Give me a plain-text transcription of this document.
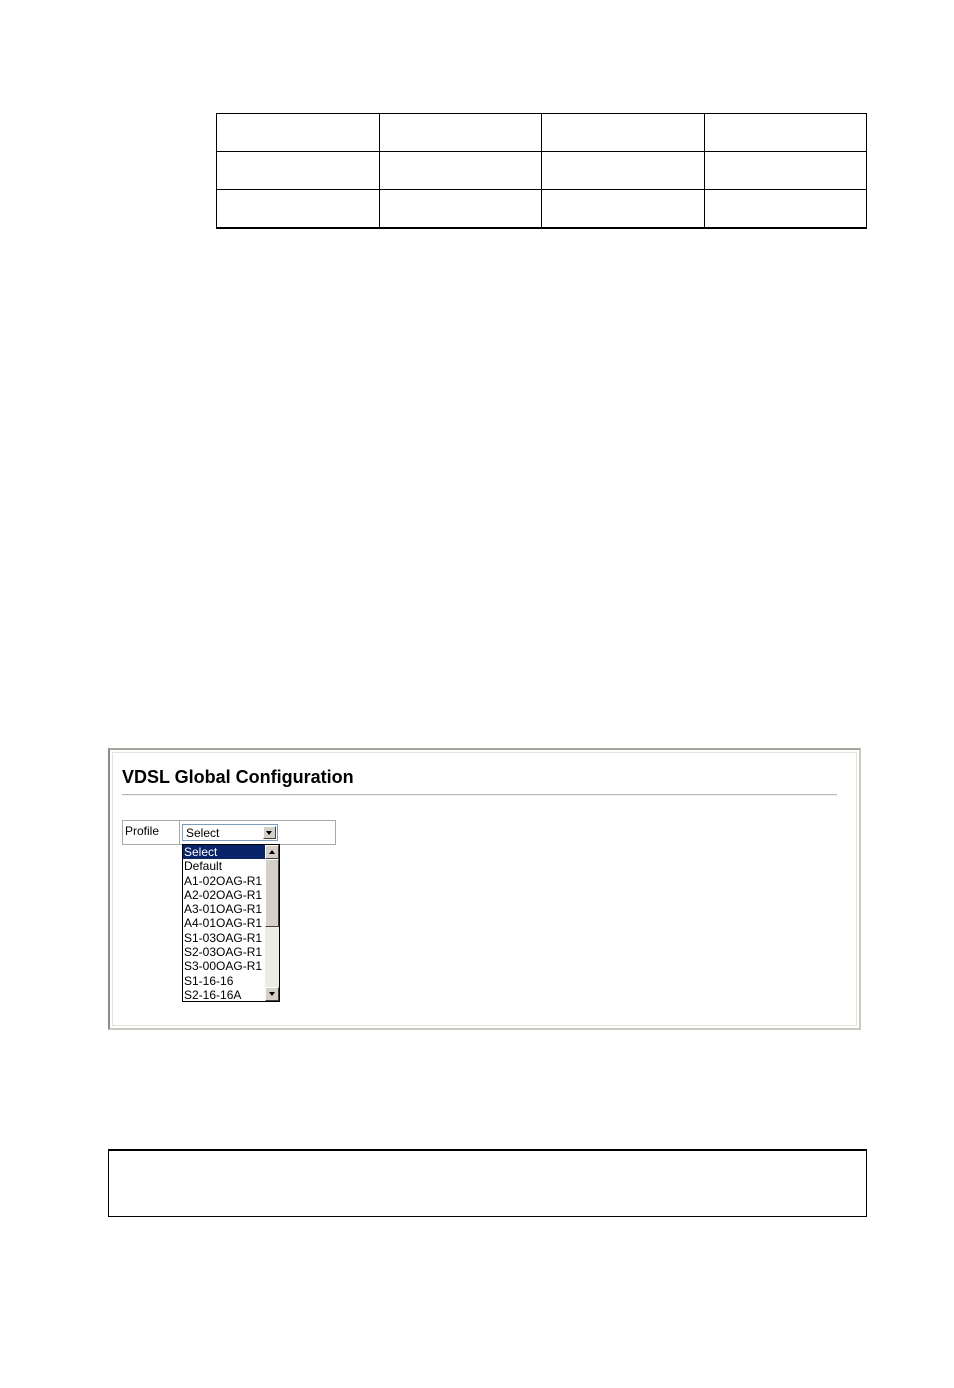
VDSL Global Configuration
Profile	Select
Select
Default
A1-02OAG-R1
A2-02OAG-R1
A3-01OAG-R1
A4-01OAG-R1
S1-03OAG-R1
S2-03OAG-R1
S3-00OAG-R1
S1-16-16
S2-16-16A
